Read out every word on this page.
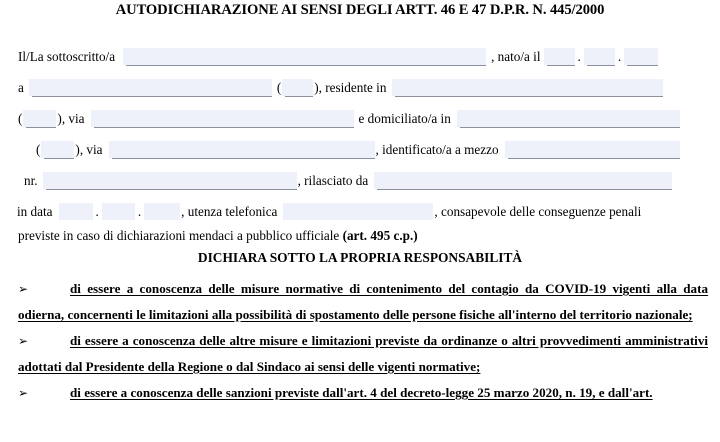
AUTODICHIARAZIONE AI SENSI DEGLI ARTT. 46 E 47 D.P.R. N. 445/2000
Il/La sottoscritto/a	, nato/a il	.	.
a	(	) , residente in
(	) , via	e domiciliato/a in
(	) , via	, identificato/a a mezzo
nr.	, rilasciato da
in data	.	.	, utenza telefonica	, consapevole delle conseguenze penali
previste in caso di dichiarazioni mendaci a pubblico ufficiale (art. 495 c.p.)
DICHIARA SOTTO LA PROPRIA RESPONSABILITÀ
➢	di essere a conoscenza delle misure normative di contenimento del contagio da COVID-19 vigenti alla data odierna, concernenti le limitazioni alla possibilità di spostamento delle persone fisiche all'interno del territorio nazionale;
➢	di essere a conoscenza delle altre misure e limitazioni previste da ordinanze o altri provvedimenti amministrativi adottati dal Presidente della Regione o dal Sindaco ai sensi delle vigenti normative;
➢	di essere a conoscenza delle sanzioni previste dall'art. 4 del decreto-legge 25 marzo 2020, n. 19, e dall'art.
